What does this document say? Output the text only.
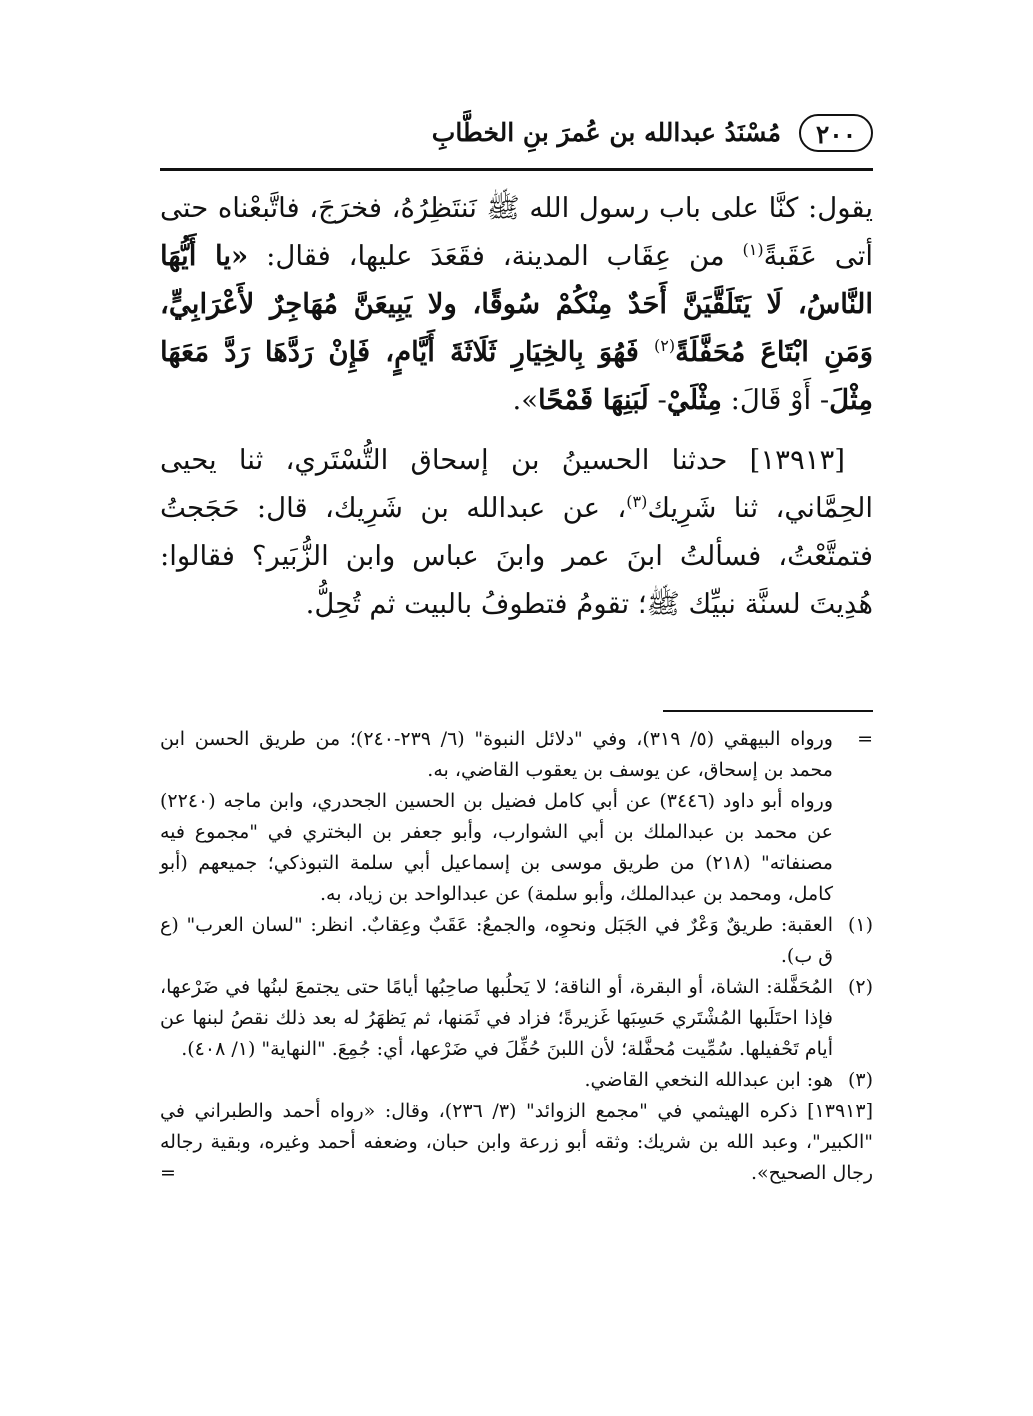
٢٠٠
مُسْنَدُ عبدالله بن عُمرَ بنِ الخطَّابِ

يقول: كنَّا على باب رسول الله ﷺ نَنتَظِرُهُ، فخرَجَ، فاتَّبعْناه حتى أتى عَقَبةً$^{(١)}$ من عِقَاب المدينة، فقَعَدَ عليها، فقال: «يا أَيُّهَا النَّاسُ، لَا يَتَلَقَّيَنَّ أَحَدٌ مِنْكُمْ سُوقًا، ولا يَبِيعَنَّ مُهَاجِرٌ لأَعْرَابِيٍّ، وَمَنِ ابْتَاعَ مُحَفَّلَةً$^{(٢)}$ فَهُوَ بِالخِيَارِ ثَلَاثَةَ أَيَّامٍ، فَإِنْ رَدَّهَا رَدَّ مَعَهَا مِثْلَ- أَوْ قَالَ: مِثْلَيْ- لَبَنِهَا قَمْحًا».

[١٣٩١٣] حدثنا الحسينُ بن إسحاق التُّسْتَري، ثنا يحيى الحِمَّاني، ثنا شَرِيك$^{(٣)}$، عن عبدالله بن شَرِيك، قال: حَجَجتُ فتمتَّعْتُ، فسألتُ ابنَ عمر وابنَ عباس وابن الزُّبَير؟ فقالوا: هُدِيتَ لسنَّة نبيِّك ﷺ؛ تقومُ فتطوفُ بالبيت ثم تُحِلُّ.

=
ورواه البيهقي (٥/ ٣١٩)، وفي "دلائل النبوة" (٦/ ٢٣٩-٢٤٠)؛ من طريق الحسن ابن محمد بن إسحاق، عن يوسف بن يعقوب القاضي، به.
ورواه أبو داود (٣٤٤٦) عن أبي كامل فضيل بن الحسين الجحدري، وابن ماجه (٢٢٤٠) عن محمد بن عبدالملك بن أبي الشوارب، وأبو جعفر بن البختري في "مجموع فيه مصنفاته" (٢١٨) من طريق موسى بن إسماعيل أبي سلمة التبوذكي؛ جميعهم (أبو كامل، ومحمد بن عبدالملك، وأبو سلمة) عن عبدالواحد بن زياد، به.
(١)
العقبة: طريقٌ وَعْرٌ في الجَبَل ونحوِه، والجمعُ: عَقَبٌ وعِقابٌ. انظر: "لسان العرب" (ع ق ب).
(٢)
المُحَفَّلة: الشاة، أو البقرة، أو الناقة؛ لا يَحلُبها صاحِبُها أيامًا حتى يجتمعَ لبنُها في ضَرْعها، فإذا احتَلَبها المُشْتَري حَسِبَها غَزيرةً؛ فزاد في ثَمَنها، ثم يَظهَرُ له بعد ذلك نقصُ لبنها عن أيام تَحْفيلها. سُمِّيت مُحفَّلة؛ لأن اللبنَ حُفِّلَ في ضَرْعها، أي: جُمِعَ. "النهاية" (١/ ٤٠٨).
(٣)
هو: ابن عبدالله النخعي القاضي.
[١٣٩١٣] ذكره الهيثمي في "مجمع الزوائد" (٣/ ٢٣٦)، وقال: «رواه أحمد والطبراني في "الكبير"، وعبد الله بن شريك: وثقه أبو زرعة وابن حبان، وضعفه أحمد وغيره، وبقية رجاله رجال الصحيح».
=
